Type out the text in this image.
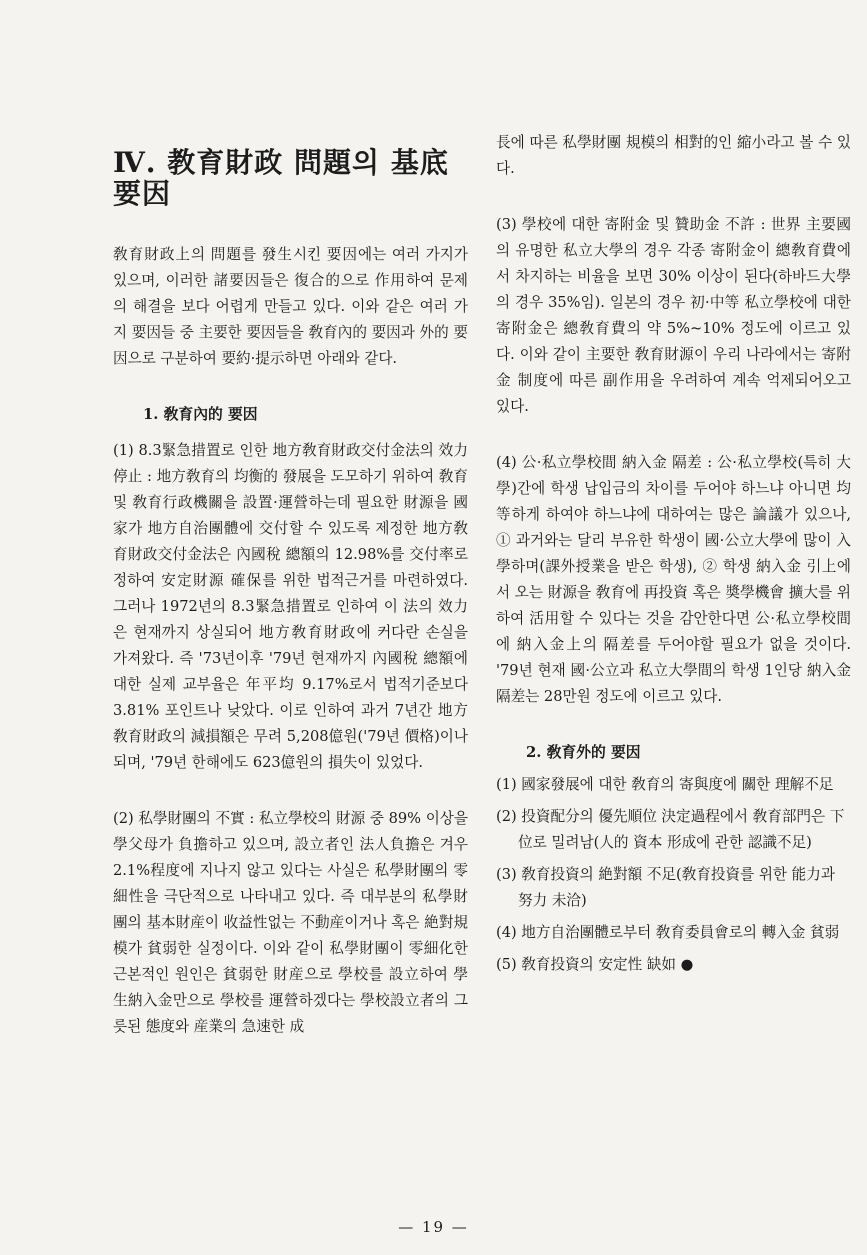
Ⅳ. 教育財政 問題의 基底要因

敎育財政上의 問題를 發生시킨 要因에는 여러 가지가 있으며, 이러한 諸要因들은 復合的으로 作用하여 문제의 해결을 보다 어렵게 만들고 있다. 이와 같은 여러 가지 要因들 중 主要한 要因들을 敎育內的 要因과 外的 要因으로 구분하여 要約·提示하면 아래와 같다.

1. 敎育內的 要因

(1) 8.3緊急措置로 인한 地方敎育財政交付金法의 效力停止 : 地方敎育의 均衡的 發展을 도모하기 위하여 敎育 및 敎育行政機關을 設置·運營하는데 필요한 財源을 國家가 地方自治團體에 交付할 수 있도록 제정한 地方敎育財政交付金法은 內國稅 總額의 12.98%를 交付率로 정하여 安定財源 確保를 위한 법적근거를 마련하였다. 그러나 1972년의 8.3緊急措置로 인하여 이 法의 效力은 현재까지 상실되어 地方敎育財政에 커다란 손실을 가져왔다. 즉 '73년이후 '79년 현재까지 內國稅 總額에 대한 실제 교부율은 年平均 9.17%로서 법적기준보다 3.81% 포인트나 낮았다. 이로 인하여 과거 7년간 地方敎育財政의 減損額은 무려 5,208億원('79년 價格)이나 되며, '79년 한해에도 623億원의 損失이 있었다.

(2) 私學財團의 不實 : 私立學校의 財源 중 89% 이상을 學父母가 負擔하고 있으며, 設立者인 法人負擔은 겨우 2.1%程度에 지나지 않고 있다는 사실은 私學財團의 零細性을 극단적으로 나타내고 있다. 즉 대부분의 私學財團의 基本財産이 收益性없는 不動産이거나 혹은 絶對規模가 貧弱한 실정이다. 이와 같이 私學財團이 零細化한 근본적인 원인은 貧弱한 財産으로 學校를 設立하여 學生納入金만으로 學校를 運營하겠다는 學校設立者의 그릇된 態度와 産業의 急速한 成

長에 따른 私學財團 規模의 相對的인 縮小라고 볼 수 있다.

(3) 學校에 대한 寄附金 및 贊助金 不許 : 世界 主要國의 유명한 私立大學의 경우 각종 寄附金이 總敎育費에서 차지하는 비율을 보면 30% 이상이 된다(하바드大學의 경우 35%임). 일본의 경우 初·中等 私立學校에 대한 寄附金은 總敎育費의 약 5%~10% 정도에 이르고 있다. 이와 같이 主要한 敎育財源이 우리 나라에서는 寄附金 制度에 따른 副作用을 우려하여 계속 억제되어오고 있다.

(4) 公·私立學校間 納入金 隔差 : 公·私立學校(특히 大學)간에 학생 납입금의 차이를 두어야 하느냐 아니면 均等하게 하여야 하느냐에 대하여는 많은 論議가 있으나, ① 과거와는 달리 부유한 학생이 國·公立大學에 많이 入學하며(課外授業을 받은 학생), ② 학생 納入金 引上에서 오는 財源을 敎育에 再投資 혹은 奬學機會 擴大를 위하여 活用할 수 있다는 것을 감안한다면 公·私立學校間에 納入金上의 隔差를 두어야할 필요가 없을 것이다. '79년 현재 國·公立과 私立大學間의 학생 1인당 納入金 隔差는 28만원 정도에 이르고 있다.

2. 敎育外的 要因

(1) 國家發展에 대한 敎育의 寄與度에 關한 理解不足

(2) 投資配分의 優先順位 決定過程에서 敎育部門은 下位로 밀려남(人的 資本 形成에 관한 認識不足)

(3) 敎育投資의 絶對額 不足(敎育投資를 위한 能力과 努力 未洽)

(4) 地方自治團體로부터 敎育委員會로의 轉入金 貧弱

(5) 敎育投資의 安定性 缺如 ●

— 19 —
